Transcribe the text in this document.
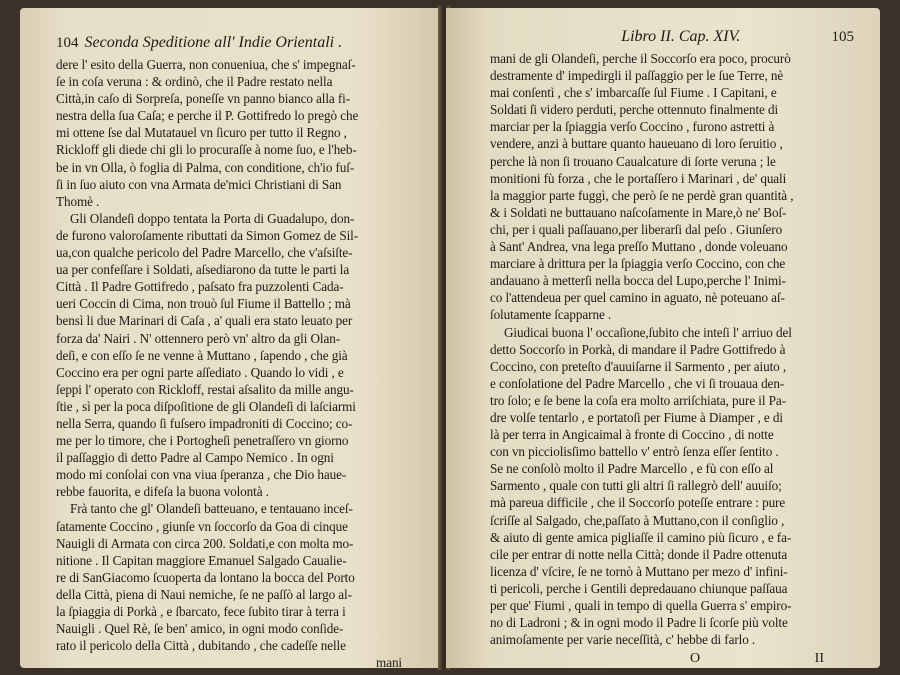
104 Seconda Speditione all' Indie Orientali .
dere l' esito della Guerra, non conueniua, che s' impegnaſ-
ſe in coſa veruna : & ordinò, che il Padre restato nella
Città,in caſo di Sorpreſa, poneſſe vn panno bianco alla fi-
nestra della ſua Caſa; e perche il P. Gottifredo lo pregò che
mi ottene ſse dal Mutatauel vn ſicuro per tutto il Regno ,
Rickloff gli diede chi gli lo procuraſſe à nome ſuo, e l'heb-
be in vn Olla, ò foglia di Palma, con conditione, ch'io fuſ-
ſi in ſuo aiuto con vna Armata de'mici Christiani di San
Thomè .
Gli Olandeſi doppo tentata la Porta di Guadalupo, don-
de furono valoroſamente ributtati da Simon Gomez de Sil-
ua,con qualche pericolo del Padre Marcello, che v'aſsiſte-
ua per confeſſare i Soldati, aſsediarono da tutte le parti la
Città . Il Padre Gottifredo , paſsato fra puzzolenti Cada-
ueri Coccin di Cima, non trouò ſul Fiume il Battello ; mà
bensì li due Marinari di Caſa , a' quali era stato leuato per
forza da' Nairi . N' ottennero però vn' altro da gli Olan-
deſi, e con eſſo ſe ne venne à Muttano , ſapendo , che già
Coccino era per ogni parte aſſediato . Quando lo vidi , e
ſeppi l' operato con Rickloff, restai aſsalito da mille angu-
ſtie , sì per la poca diſpoſitione de gli Olandeſi di laſciarmi
nella Serra, quando ſi fuſsero impadroniti di Coccino; co-
me per lo timore, che i Portogheſi penetraſſero vn giorno
il paſſaggio di detto Padre al Campo Nemico . In ogni
modo mi conſolai con vna viua ſperanza , che Dio haue-
rebbe fauorita, e difeſa la buona volontà .
Frà tanto che gl' Olandeſi batteuano, e tentauano inceſ-
ſatamente Coccino , giunſe vn ſoccorſo da Goa di cinque
Nauigli di Armata con circa 200. Soldati,e con molta mo-
nitione . Il Capitan maggiore Emanuel Salgado Caualie-
re di SanGiacomo ſcuoperta da lontano la bocca del Porto
della Città, piena di Naui nemiche, ſe ne paſſò al largo al-
la ſpiaggia di Porkà , e ſbarcato, fece ſubito tirar à terra i
Nauigli . Quel Rè, ſe ben' amico, in ogni modo conſide-
rato il pericolo della Città , dubitando , che cadeſſe nelle
mani
Libro II. Cap. XIV.	105
mani de gli Olandeſi, perche il Soccorſo era poco, procurò
destramente d' impedirgli il paſſaggio per le ſue Terre, nè
mai conſentì , che s' imbarcaſſe ſul Fiume . I Capitani, e
Soldati ſi videro perduti, perche ottennuto finalmente di
marciar per la ſpiaggia verſo Coccino , furono astretti à
vendere, anzi à buttare quanto haueuano di loro ſeruitio ,
perche là non ſi trouano Caualcature di ſorte veruna ; le
monitioni fù forza , che le portaſſero i Marinari , de' quali
la maggior parte fuggì, che però ſe ne perdè gran quantità ,
& i Soldati ne buttauano naſcoſamente in Mare,ò ne' Boſ-
chi, per i quali paſſauano,per liberarſi dal peſo . Giunſero
à Sant' Andrea, vna lega preſſo Muttano , donde voleuano
marciare à drittura per la ſpiaggia verſo Coccino, con che
andauano à metterſi nella bocca del Lupo,perche l' Inimi-
co l'attendeua per quel camino in aguato, nè poteuano aſ-
ſolutamente ſcapparne .
Giudicai buona l' occaſione,ſubito che inteſi l' arriuo del
detto Soccorſo in Porkà, di mandare il Padre Gottifredo à
Coccino, con preteſto d'auuiſarne il Sarmento , per aiuto ,
e conſolatione del Padre Marcello , che vi ſi trouaua den-
tro ſolo; e ſe bene la coſa era molto arriſchiata, pure il Pa-
dre volſe tentarlo , e portatoſi per Fiume à Diamper , e di
là per terra in Angicaimal à fronte di Coccino , di notte
con vn picciolisſimo battello v' entrò ſenza eſſer ſentito .
Se ne conſolò molto il Padre Marcello , e fù con eſſo al
Sarmento , quale con tutti gli altri ſi rallegrò dell' auuiſo;
mà pareua difficile , che il Soccorſo poteſſe entrare : pure
ſcriſſe al Salgado, che,paſſato à Muttano,con il conſiglio ,
& aiuto di gente amica pigliaſſe il camino più ſicuro , e fa-
cile per entrar di notte nella Città; donde il Padre ottenuta
licenza d' vſcire, ſe ne tornò à Muttano per mezo d' infini-
ti pericoli, perche i Gentili depredauano chiunque paſſaua
per que' Fiumi , quali in tempo di quella Guerra s' empiro-
no di Ladroni ; & in ogni modo il Padre li ſcorſe più volte
animoſamente per varie neceſſità, c' hebbe di farlo .
O	II
